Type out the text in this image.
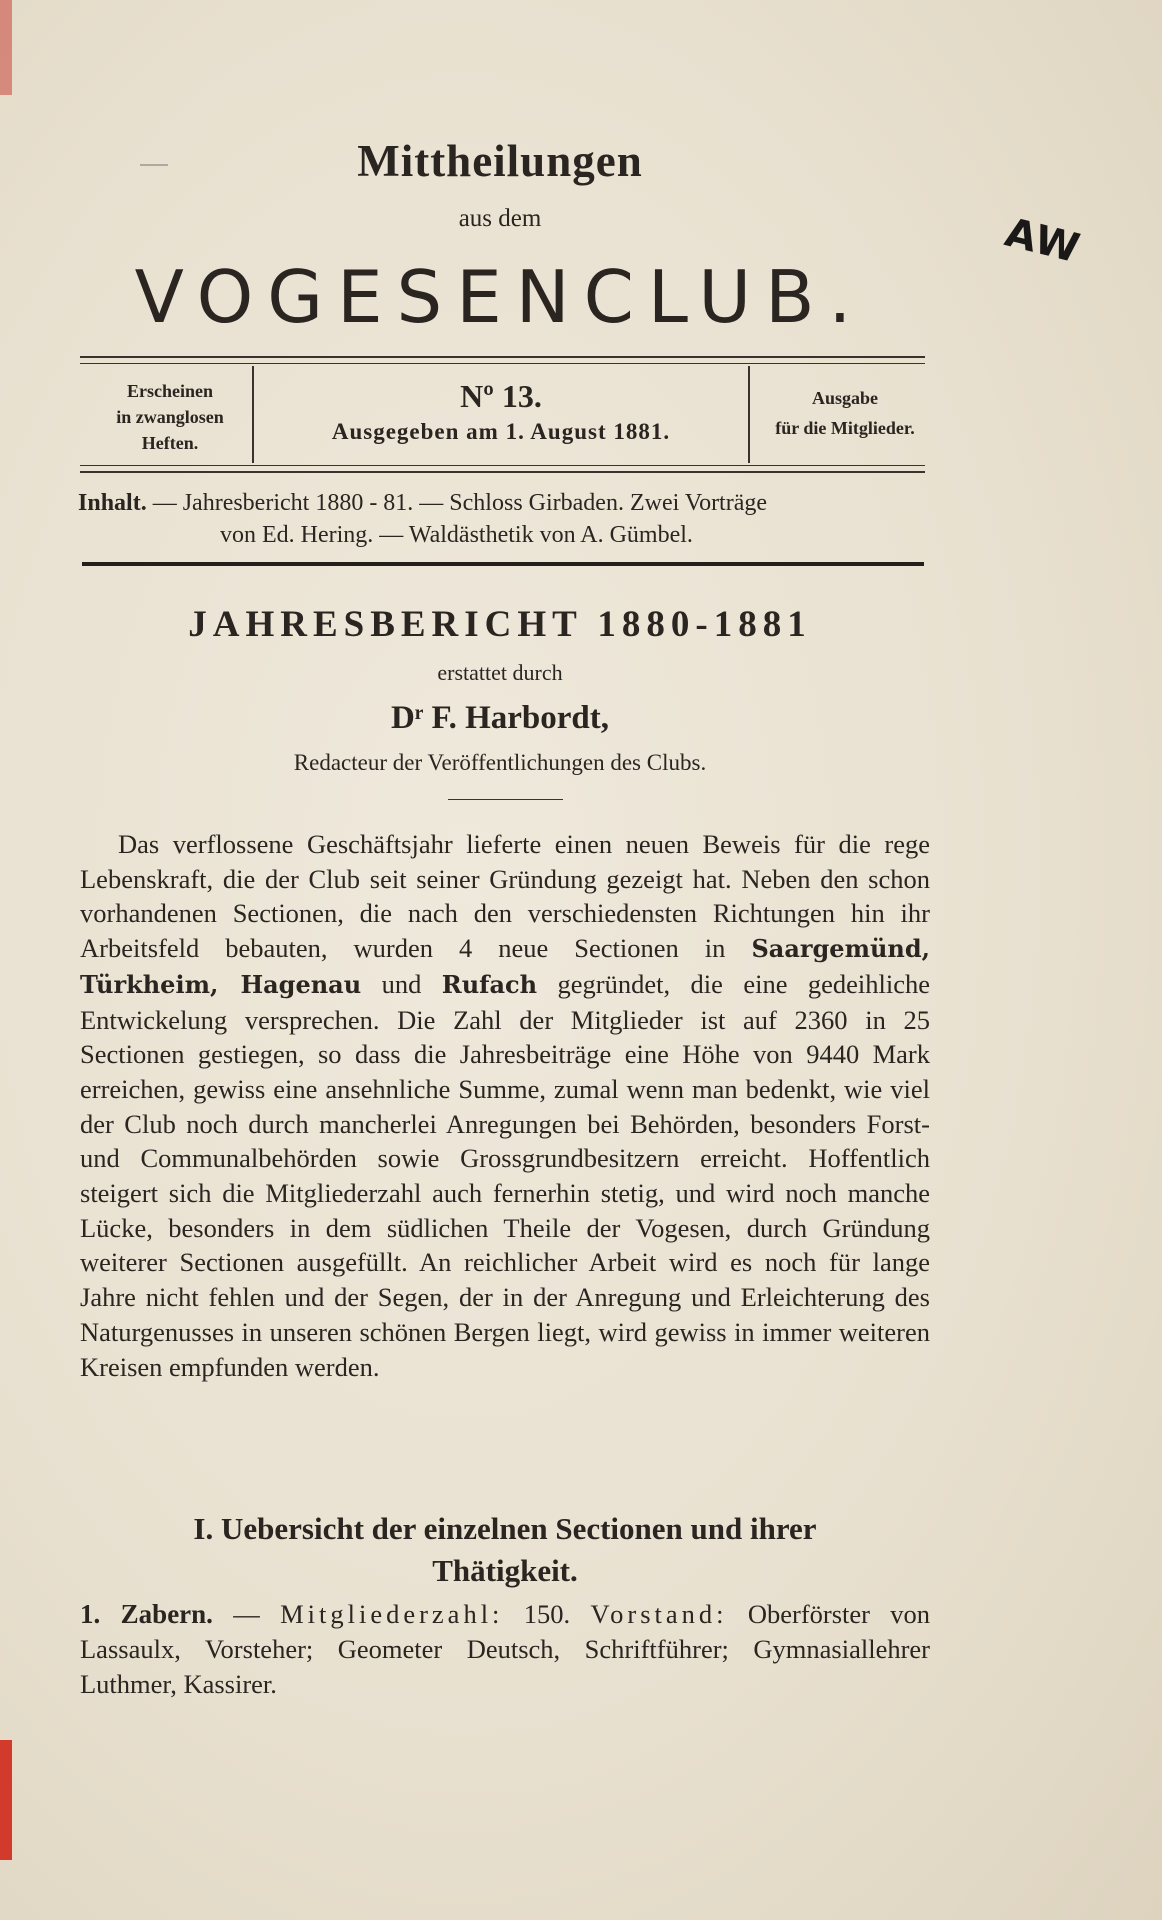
AW
Mittheilungen
aus dem
VOGESENCLUB.
Erscheinen
in zwanglosen
Heften.
Nº 13.
Ausgegeben am 1. August 1881.
Ausgabe
für die Mitglieder.
Inhalt. — Jahresbericht 1880 - 81. — Schloss Girbaden. Zwei Vorträge
von Ed. Hering. — Waldästhetik von A. Gümbel.
JAHRESBERICHT 1880-1881
erstattet durch
Dʳ F. Harbordt,
Redacteur der Veröffentlichungen des Clubs.
Das verflossene Geschäftsjahr lieferte einen neuen Beweis für die rege Lebenskraft, die der Club seit seiner Gründung gezeigt hat. Neben den schon vorhandenen Sectionen, die nach den verschiedensten Richtungen hin ihr Arbeitsfeld bebauten, wurden 4 neue Sectionen in Saargemünd, Türkheim, Hagenau und Rufach gegründet, die eine gedeihliche Entwickelung versprechen. Die Zahl der Mitglieder ist auf 2360 in 25 Sectionen gestiegen, so dass die Jahresbeiträge eine Höhe von 9440 Mark erreichen, gewiss eine ansehnliche Summe, zumal wenn man bedenkt, wie viel der Club noch durch mancherlei Anregungen bei Behörden, besonders Forst- und Communalbehörden sowie Grossgrundbesitzern erreicht. Hoffentlich steigert sich die Mitgliederzahl auch fernerhin stetig, und wird noch manche Lücke, besonders in dem südlichen Theile der Vogesen, durch Gründung weiterer Sectionen ausgefüllt. An reichlicher Arbeit wird es noch für lange Jahre nicht fehlen und der Segen, der in der Anregung und Erleichterung des Naturgenusses in unseren schönen Bergen liegt, wird gewiss in immer weiteren Kreisen empfunden werden.
I. Uebersicht der einzelnen Sectionen und ihrer
Thätigkeit.
1. Zabern. — Mitgliederzahl: 150. Vorstand: Oberförster von Lassaulx, Vorsteher; Geometer Deutsch, Schriftführer; Gymnasiallehrer Luthmer, Kassirer.
